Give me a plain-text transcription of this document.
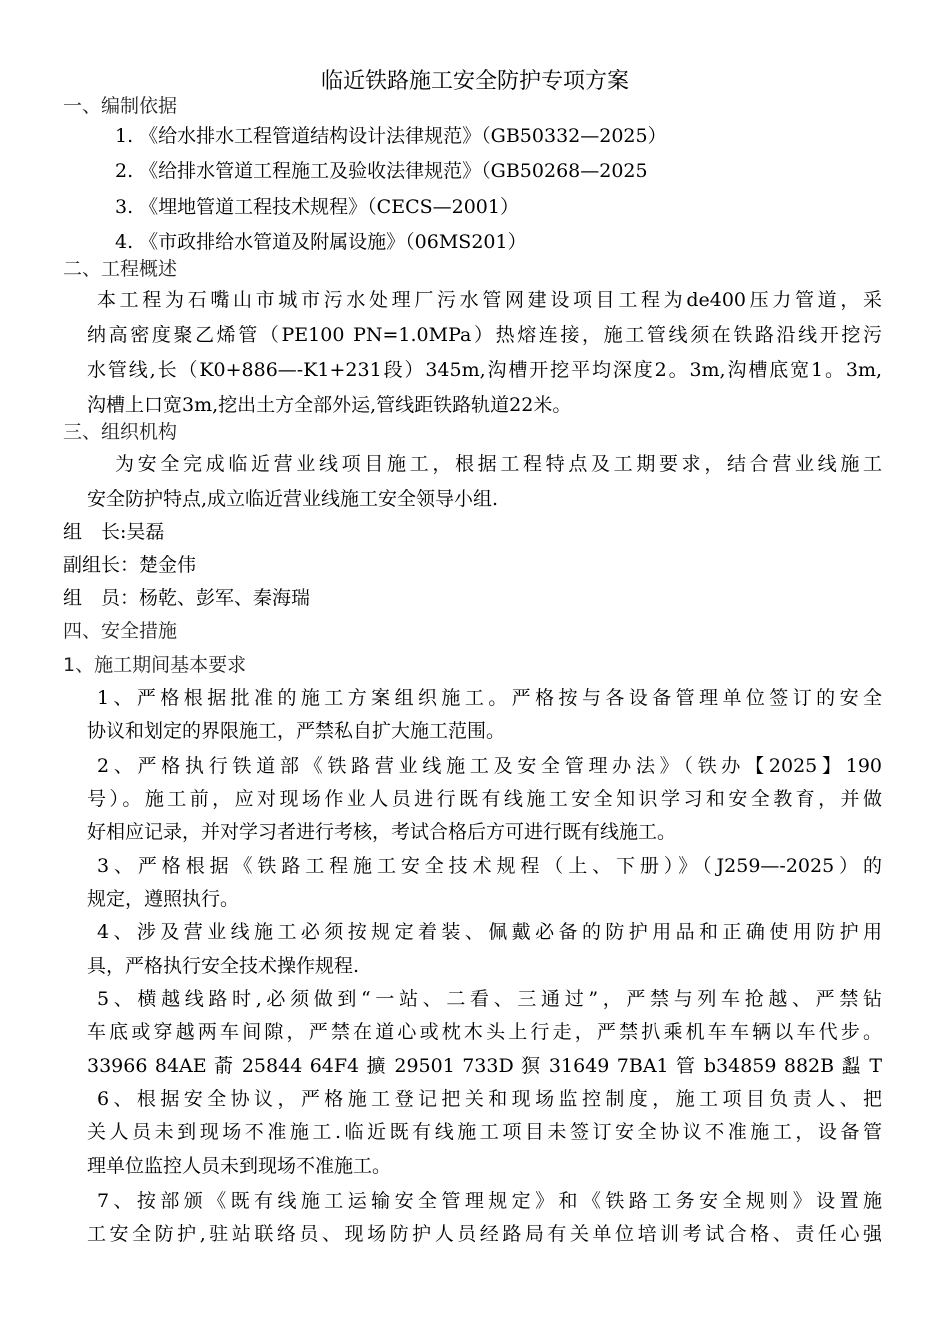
临近铁路施工安全防护专项方案
一、编制依据
1. 《给水排水工程管道结构设计法律规范》（GB50332—2025）
2. 《给排水管道工程施工及验收法律规范》（GB50268—2025
3. 《埋地管道工程技术规程》（CECS—2001）
4. 《市政排给水管道及附属设施》（06MS201）
二、工程概述
本工程为石嘴山市城市污水处理厂污水管网建设项目工程为de400压力管道，采
纳高密度聚乙烯管（PE100 PN=1.0MPa）热熔连接，施工管线须在铁路沿线开挖污
水管线,长（K0+886—-K1+231段）345m,沟槽开挖平均深度2。3m,沟槽底宽1。3m,
沟槽上口宽3m,挖出土方全部外运,管线距铁路轨道22米。
三、组织机构
为安全完成临近营业线项目施工，根据工程特点及工期要求，结合营业线施工
安全防护特点,成立临近营业线施工安全领导小组.
组　长:吴磊
副组长：楚金伟
组　员：杨乾、彭军、秦海瑞
四、安全措施
1、施工期间基本要求
1、严格根据批准的施工方案组织施工。严格按与各设备管理单位签订的安全
协议和划定的界限施工，严禁私自扩大施工范围。
2、严格执行铁道部《铁路营业线施工及安全管理办法》（铁办【2025】190
号）。施工前，应对现场作业人员进行既有线施工安全知识学习和安全教育，并做
好相应记录，并对学习者进行考核，考试合格后方可进行既有线施工。
3、严格根据《铁路工程施工安全技术规程（上、下册）》（J259—-2025）的
规定，遵照执行。
4、涉及营业线施工必须按规定着装、佩戴必备的防护用品和正确使用防护用
具，严格执行安全技术操作规程.
5、横越线路时,必须做到“一站、二看、三通过”，严禁与列车抢越、严禁钻
车底或穿越两车间隙，严禁在道心或枕木头上行走，严禁扒乘机车车辆以车代步。
33966 84AE 萮 25844 64F4 擴 29501 733D 猽 31649 7BA1 管 b34859 882B 蠫 T
6、根据安全协议，严格施工登记把关和现场监控制度，施工项目负责人、把
关人员未到现场不准施工.临近既有线施工项目未签订安全协议不准施工，设备管
理单位监控人员未到现场不准施工。
7、按部颁《既有线施工运输安全管理规定》和《铁路工务安全规则》设置施
工安全防护,驻站联络员、现场防护人员经路局有关单位培训考试合格、责任心强
